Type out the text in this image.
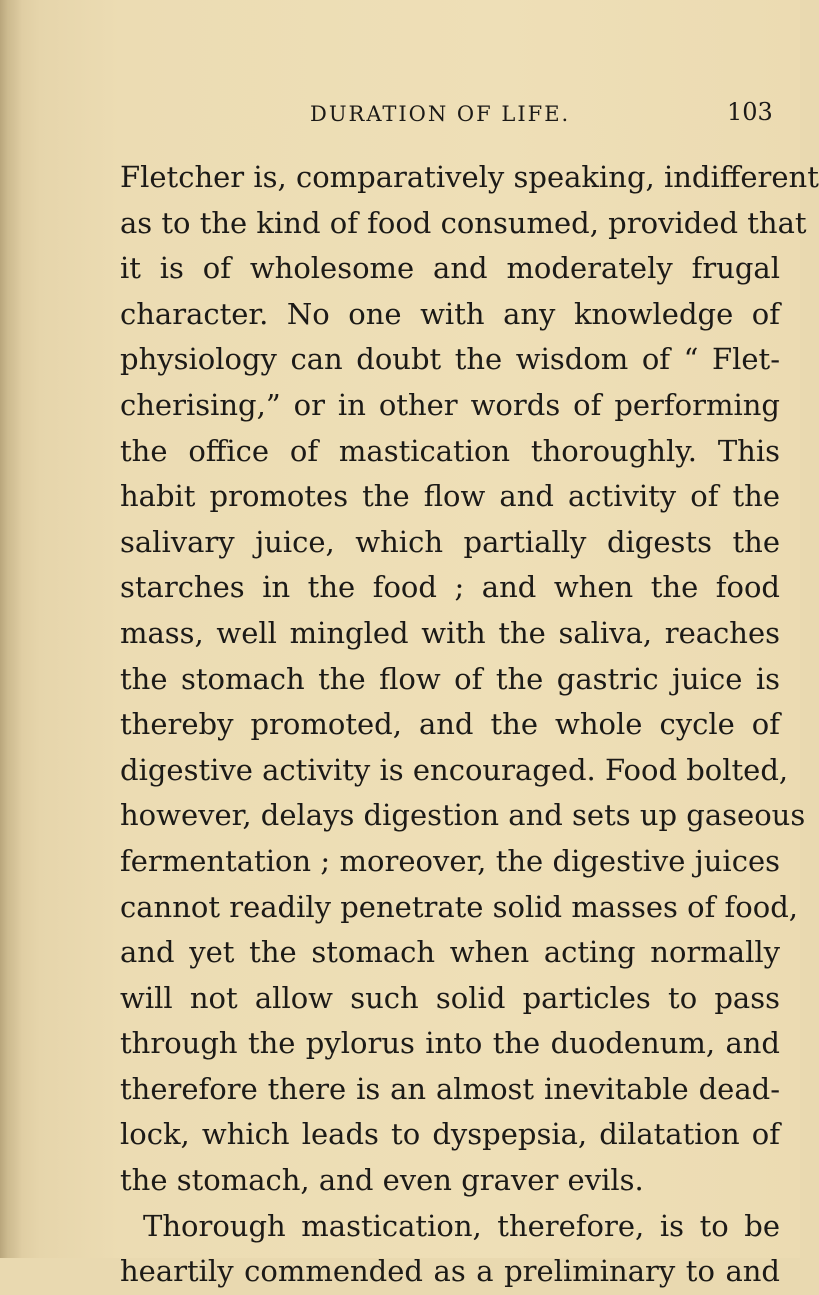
DURATION OF LIFE.	103
Fletcher is, comparatively speaking, indifferent
as to the kind of food consumed, provided that
it is of wholesome and moderately frugal
character. No one with any knowledge of
physiology can doubt the wisdom of “ Flet-
cherising,” or in other words of performing
the office of mastication thoroughly. This
habit promotes the flow and activity of the
salivary juice, which partially digests the
starches in the food ; and when the food
mass, well mingled with the saliva, reaches
the stomach the flow of the gastric juice is
thereby promoted, and the whole cycle of
digestive activity is encouraged. Food bolted,
however, delays digestion and sets up gaseous
fermentation ; moreover, the digestive juices
cannot readily penetrate solid masses of food,
and yet the stomach when acting normally
will not allow such solid particles to pass
through the pylorus into the duodenum, and
therefore there is an almost inevitable dead-
lock, which leads to dyspepsia, dilatation of
the stomach, and even graver evils.
Thorough mastication, therefore, is to be
heartily commended as a preliminary to and
